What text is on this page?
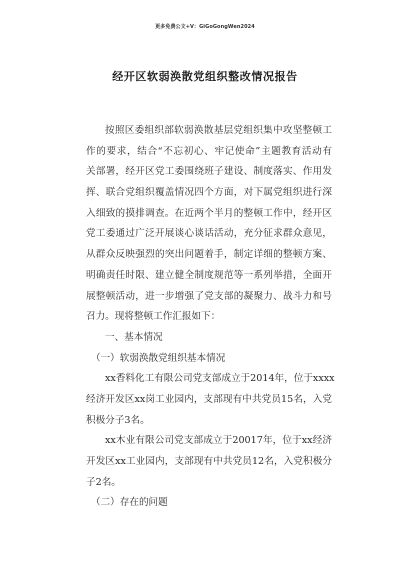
更多免费公文+V：GiGoGongWen2024
经开区软弱涣散党组织整改情况报告
按照区委组织部软弱涣散基层党组织集中攻坚整顿工
作的要求，结合“不忘初心、牢记使命”主题教育活动有
关部署，经开区党工委围绕班子建设、制度落实、作用发
挥、联合党组织覆盖情况四个方面，对下属党组织进行深
入细致的摸排调查。在近两个半月的整顿工作中，经开区
党工委通过广泛开展谈心谈话活动，充分征求群众意见，
从群众反映强烈的突出问题着手，制定详细的整顿方案、
明确责任时限、建立健全制度规范等一系列举措，全面开
展整顿活动，进一步增强了党支部的凝聚力、战斗力和号
召力。现将整顿工作汇报如下：
一、基本情况
（一）软弱涣散党组织基本情况
xx香料化工有限公司党支部成立于2014年，位于xxxx
经济开发区xx岗工业园内，支部现有中共党员15名，入党
积极分子3名。
xx木业有限公司党支部成立于20017年，位于xx经济
开发区xx工业园内，支部现有中共党员12名，入党积极分
子2名。
（二）存在的问题
